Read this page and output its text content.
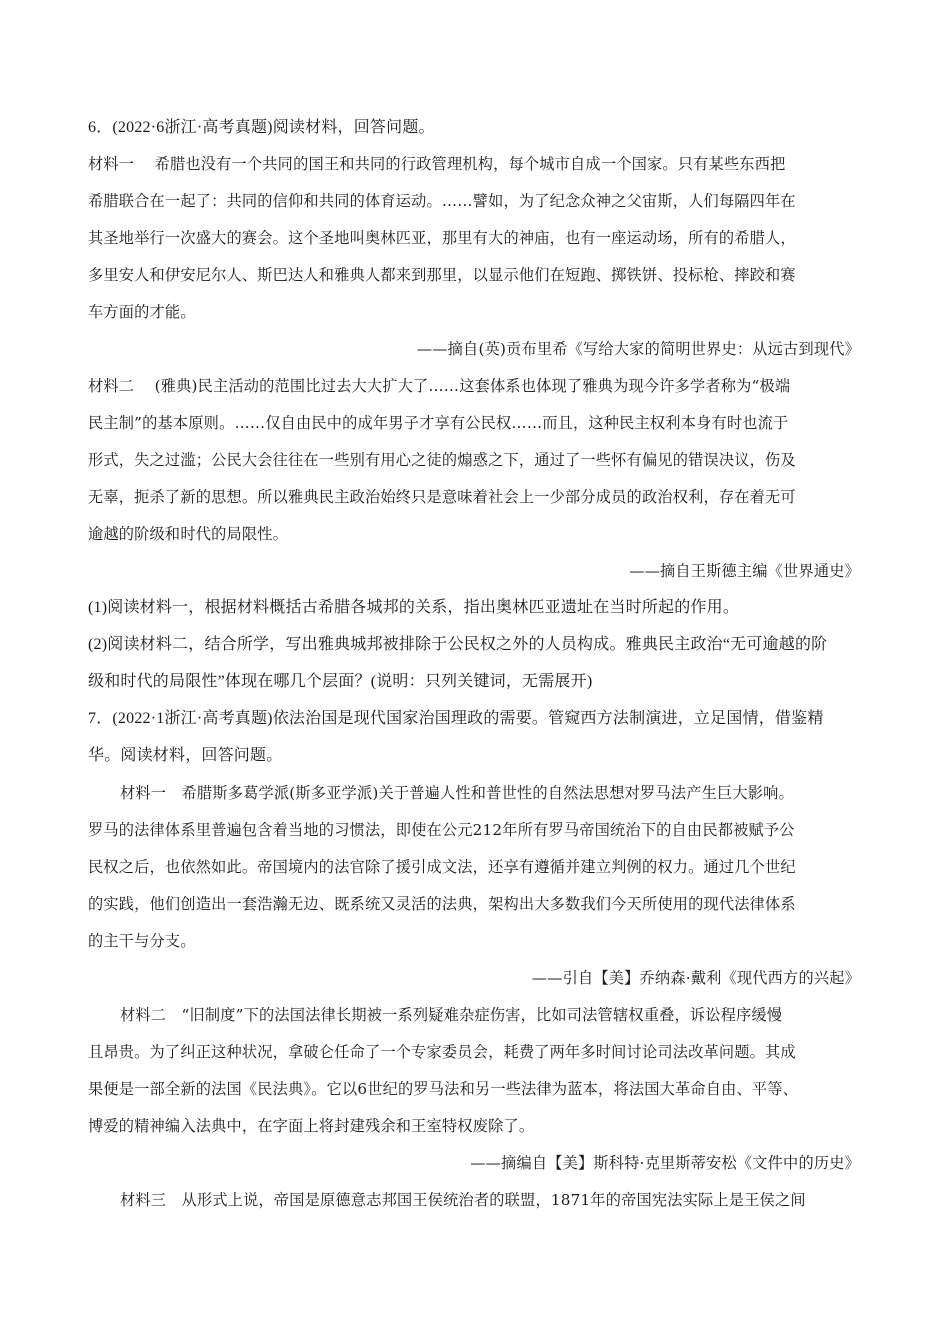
6．(2022·6浙江·高考真题)阅读材料，回答问题。
材料一　 希腊也没有一个共同的国王和共同的行政管理机构，每个城市自成一个国家。只有某些东西把
希腊联合在一起了：共同的信仰和共同的体育运动。……譬如，为了纪念众神之父宙斯，人们每隔四年在
其圣地举行一次盛大的赛会。这个圣地叫奥林匹亚，那里有大的神庙，也有一座运动场，所有的希腊人，
多里安人和伊安尼尔人、斯巴达人和雅典人都来到那里，以显示他们在短跑、掷铁饼、投标枪、摔跤和赛
车方面的才能。
——摘自(英)贡布里希《写给大家的简明世界史：从远古到现代》
材料二　 (雅典)民主活动的范围比过去大大扩大了……这套体系也体现了雅典为现今许多学者称为“极端
民主制”的基本原则。……仅自由民中的成年男子才享有公民权……而且，这种民主权利本身有时也流于
形式，失之过滥；公民大会往往在一些别有用心之徒的煽惑之下，通过了一些怀有偏见的错误决议，伤及
无辜，扼杀了新的思想。所以雅典民主政治始终只是意味着社会上一少部分成员的政治权利，存在着无可
逾越的阶级和时代的局限性。
——摘自王斯德主编《世界通史》
(1)阅读材料一，根据材料概括古希腊各城邦的关系，指出奥林匹亚遗址在当时所起的作用。
(2)阅读材料二，结合所学，写出雅典城邦被排除于公民权之外的人员构成。雅典民主政治“无可逾越的阶
级和时代的局限性”体现在哪几个层面？(说明：只列关键词，无需展开)
7．(2022·1浙江·高考真题)依法治国是现代国家治国理政的需要。管窥西方法制演进，立足国情，借鉴精
华。阅读材料，回答问题。
材料一　希腊斯多葛学派(斯多亚学派)关于普遍人性和普世性的自然法思想对罗马法产生巨大影响。
罗马的法律体系里普遍包含着当地的习惯法，即使在公元212年所有罗马帝国统治下的自由民都被赋予公
民权之后，也依然如此。帝国境内的法官除了援引成文法，还享有遵循并建立判例的权力。通过几个世纪
的实践，他们创造出一套浩瀚无边、既系统又灵活的法典，架构出大多数我们今天所使用的现代法律体系
的主干与分支。
——引自【美】乔纳森·戴利《现代西方的兴起》
材料二　“旧制度”下的法国法律长期被一系列疑难杂症伤害，比如司法管辖权重叠，诉讼程序缓慢
且昂贵。为了纠正这种状况，拿破仑任命了一个专家委员会，耗费了两年多时间讨论司法改革问题。其成
果便是一部全新的法国《民法典》。它以6世纪的罗马法和另一些法律为蓝本，将法国大革命自由、平等、
博爱的精神编入法典中，在字面上将封建残余和王室特权废除了。
——摘编自【美】斯科特·克里斯蒂安松《文件中的历史》
材料三　从形式上说，帝国是原德意志邦国王侯统治者的联盟，1871年的帝国宪法实际上是王侯之间
